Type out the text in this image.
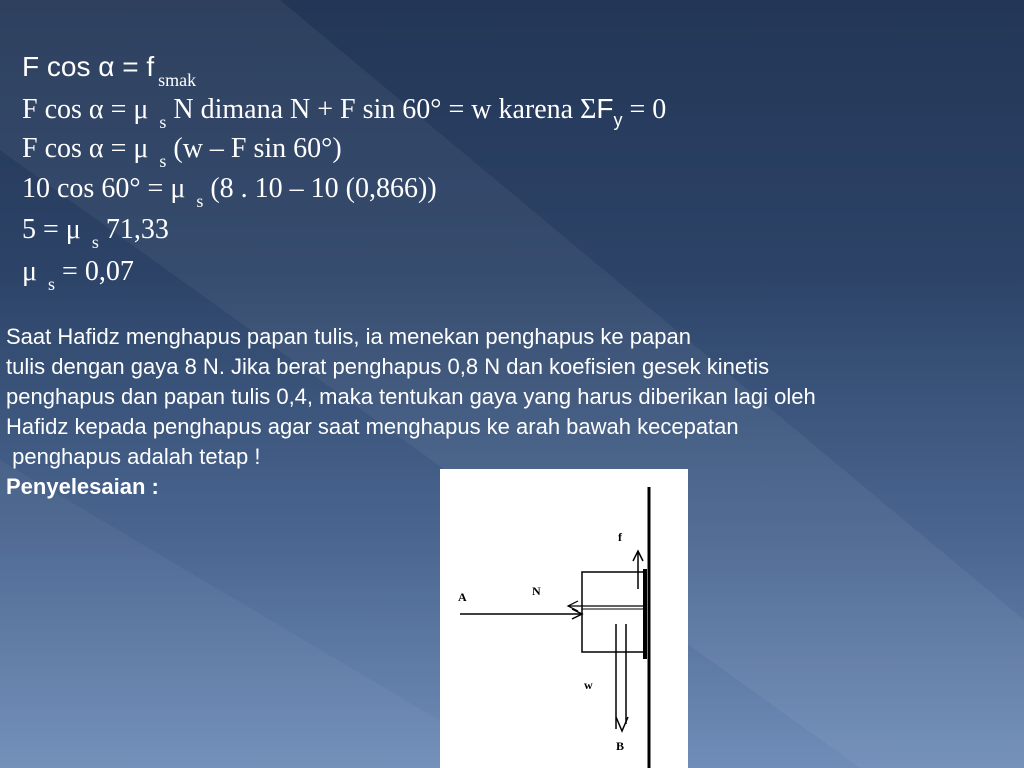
F cos α = f $_{smak}$

F cos α = μ $_s$ N dimana N + F sin 60° = w karena $\Sigma F_y = 0$

F cos α = μ $_s$ (w – F sin 60°)

10 cos 60° = μ $_s$ (8 . 10 – 10 (0,866))

5 = μ $_s$ 71,33

μ $_s$ = 0,07

Saat Hafidz menghapus papan tulis, ia menekan penghapus ke papan
tulis dengan gaya 8 N. Jika berat penghapus 0,8 N dan koefisien gesek kinetis
penghapus dan papan tulis 0,4, maka tentukan gaya yang harus diberikan lagi oleh
Hafidz kepada penghapus agar saat menghapus ke arah bawah kecepatan
penghapus adalah tetap !
Penyelesaian :
A	N
f
w
B
